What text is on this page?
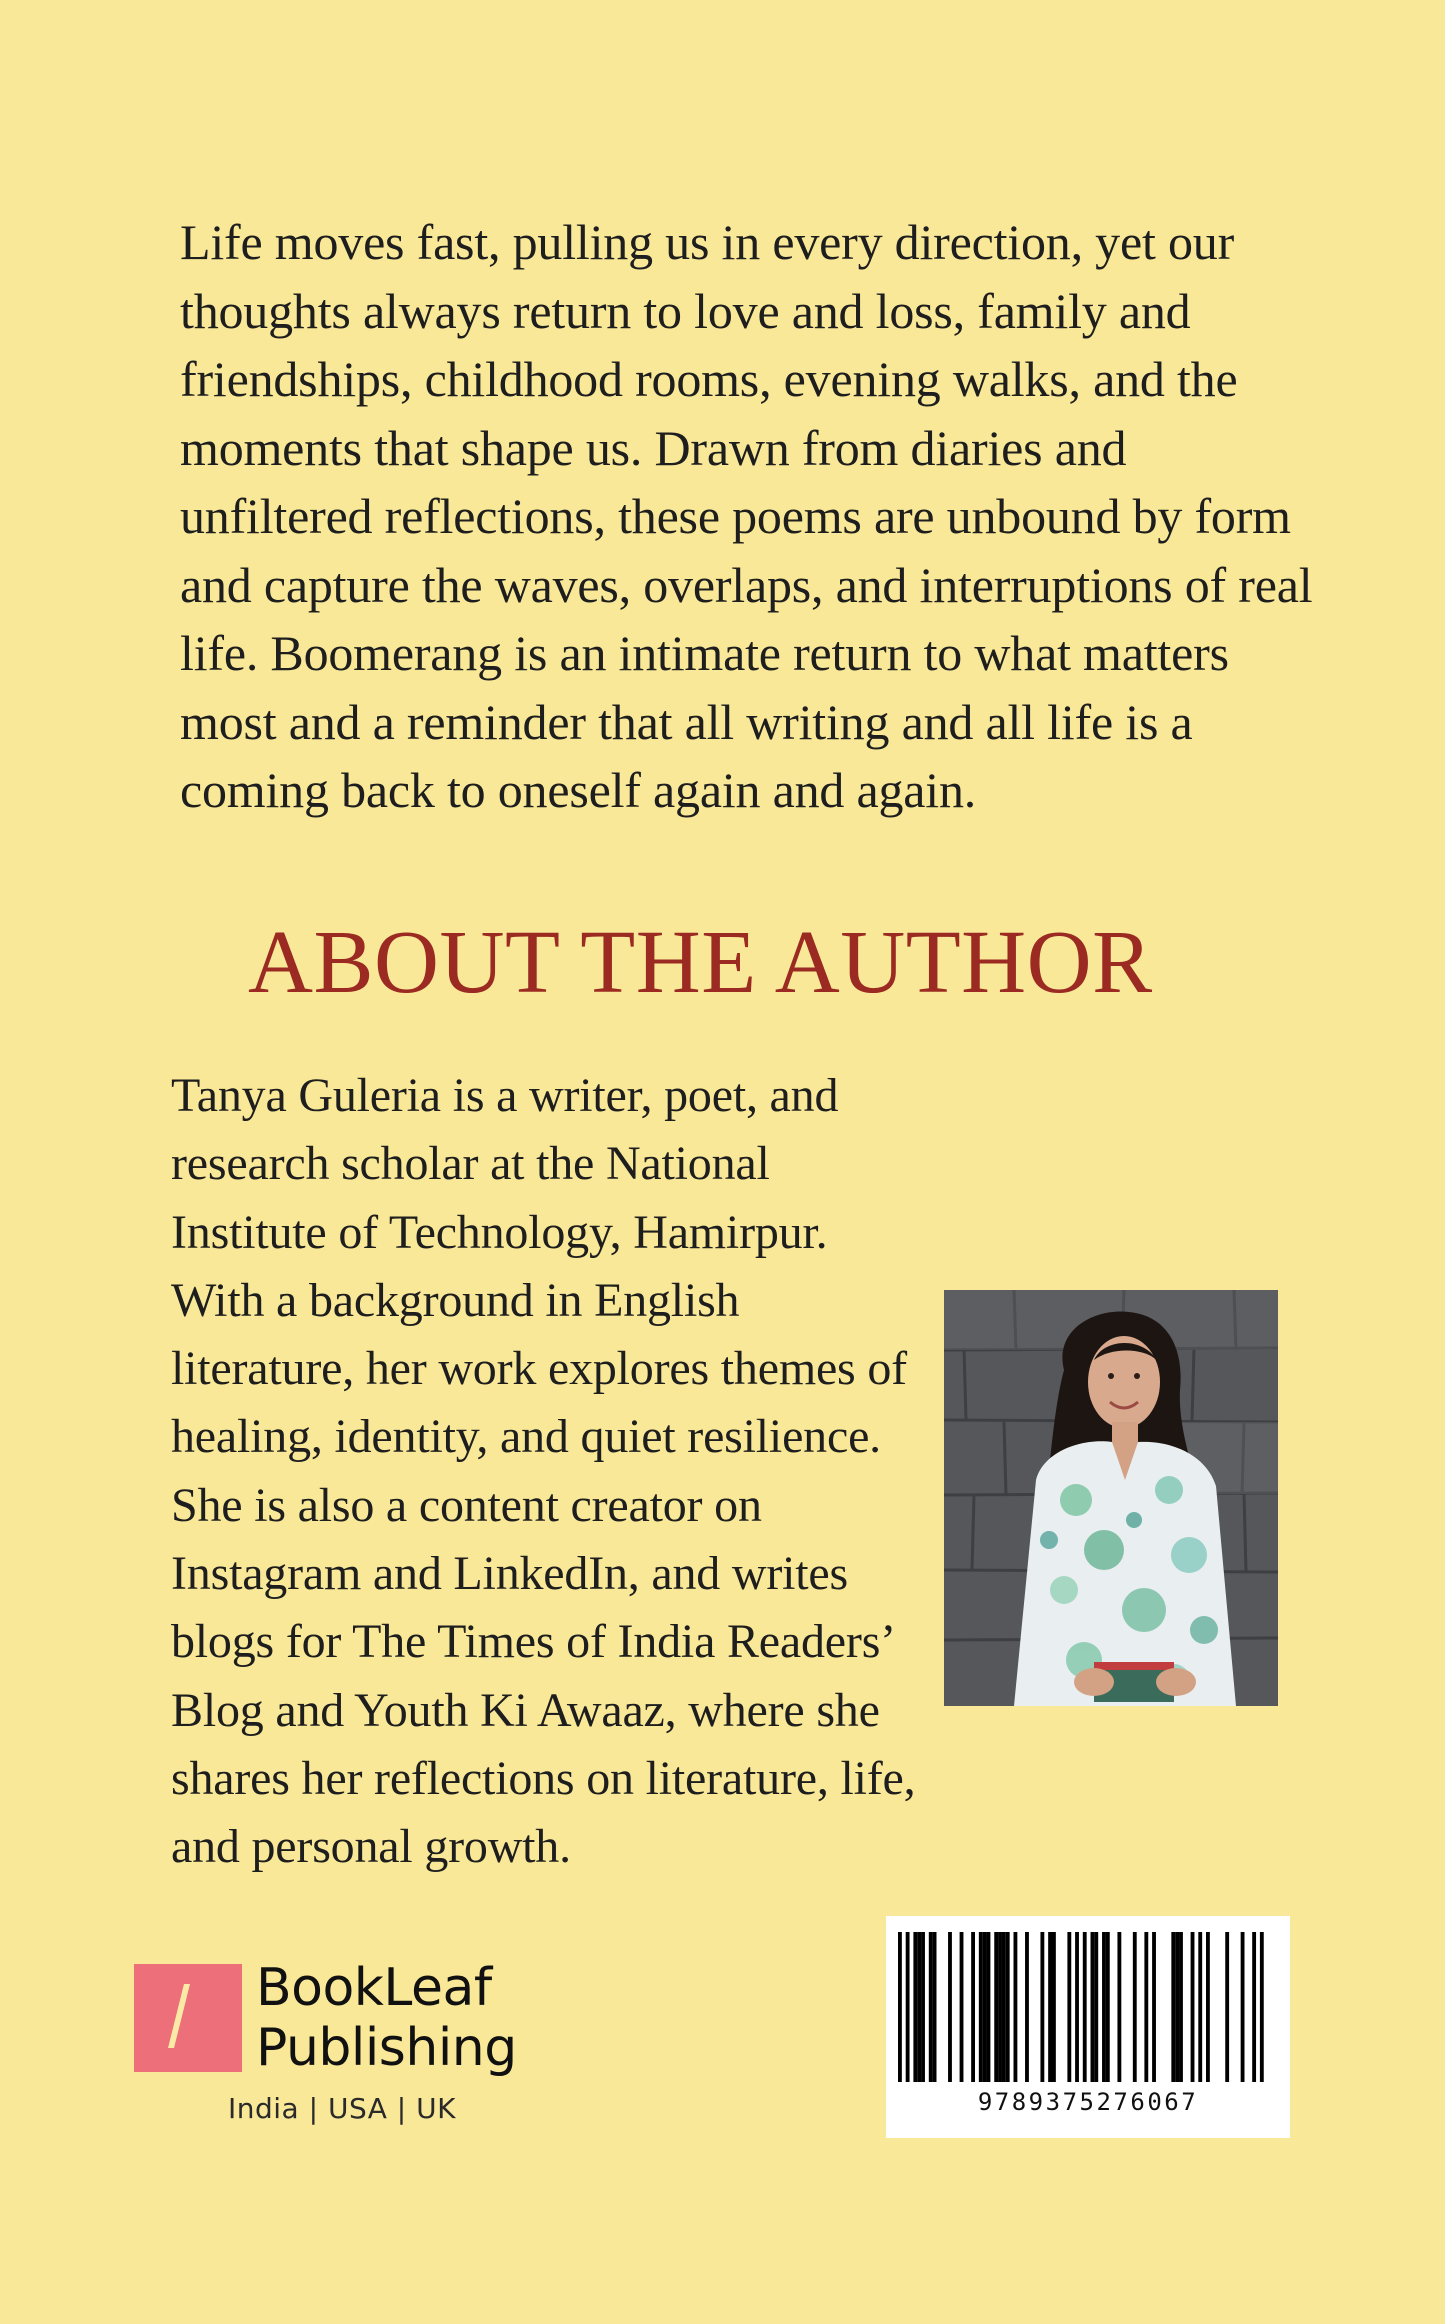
Life moves fast, pulling us in every direction, yet our
thoughts always return to love and loss, family and
friendships, childhood rooms, evening walks, and the
moments that shape us. Drawn from diaries and
unfiltered reflections, these poems are unbound by form
and capture the waves, overlaps, and interruptions of real
life. Boomerang is an intimate return to what matters
most and a reminder that all writing and all life is a
coming back to oneself again and again.
ABOUT THE AUTHOR
Tanya Guleria is a writer, poet, and
research scholar at the National
Institute of Technology, Hamirpur.
With a background in English
literature, her work explores themes of
healing, identity, and quiet resilience.
She is also a content creator on
Instagram and LinkedIn, and writes
blogs for The Times of India Readers’
Blog and Youth Ki Awaaz, where she
shares her reflections on literature, life,
and personal growth.
BookLeaf
Publishing
India | USA | UK	9789375276067
